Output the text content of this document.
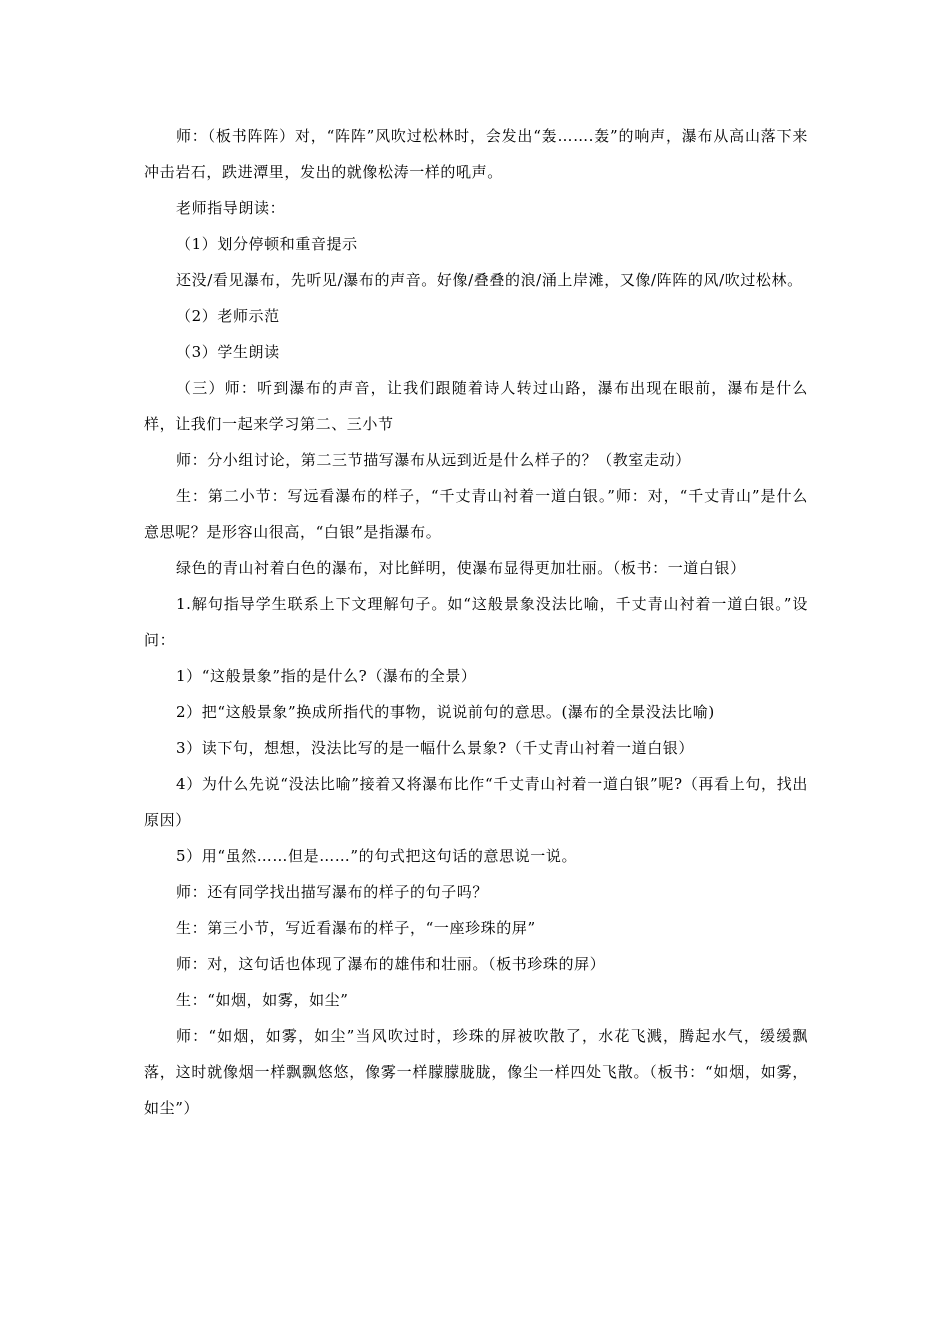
师：（板书阵阵）对，“阵阵”风吹过松林时，会发出“轰…….轰”的响声，瀑布从高山落下来冲击岩石，跌进潭里，发出的就像松涛一样的吼声。

老师指导朗读：

（1）划分停顿和重音提示

还没/看见瀑布，先听见/瀑布的声音。好像/叠叠的浪/涌上岸滩，又像/阵阵的风/吹过松林。

（2）老师示范

（3）学生朗读

（三）师：听到瀑布的声音，让我们跟随着诗人转过山路，瀑布出现在眼前，瀑布是什么样，让我们一起来学习第二、三小节

师：分小组讨论，第二三节描写瀑布从远到近是什么样子的？（教室走动）

生：第二小节：写远看瀑布的样子，“千丈青山衬着一道白银。”师：对，“千丈青山”是什么意思呢？是形容山很高，“白银”是指瀑布。

绿色的青山衬着白色的瀑布，对比鲜明，使瀑布显得更加壮丽。（板书：一道白银）

1.解句指导学生联系上下文理解句子。如“这般景象没法比喻，千丈青山衬着一道白银。”设问：

1）“这般景象”指的是什么?（瀑布的全景）

2）把“这般景象”换成所指代的事物，说说前句的意思。(瀑布的全景没法比喻)

3）读下句，想想，没法比写的是一幅什么景象?（千丈青山衬着一道白银）

4）为什么先说“没法比喻”接着又将瀑布比作“千丈青山衬着一道白银”呢?（再看上句，找出原因）

5）用“虽然……但是……”的句式把这句话的意思说一说。

师：还有同学找出描写瀑布的样子的句子吗？

生：第三小节，写近看瀑布的样子，“一座珍珠的屏”

师：对，这句话也体现了瀑布的雄伟和壮丽。（板书珍珠的屏）

生：“如烟，如雾，如尘”

师：“如烟，如雾，如尘”当风吹过时，珍珠的屏被吹散了，水花飞溅，腾起水气，缓缓飘落，这时就像烟一样飘飘悠悠，像雾一样朦朦胧胧，像尘一样四处飞散。（板书：“如烟，如雾，如尘”）
